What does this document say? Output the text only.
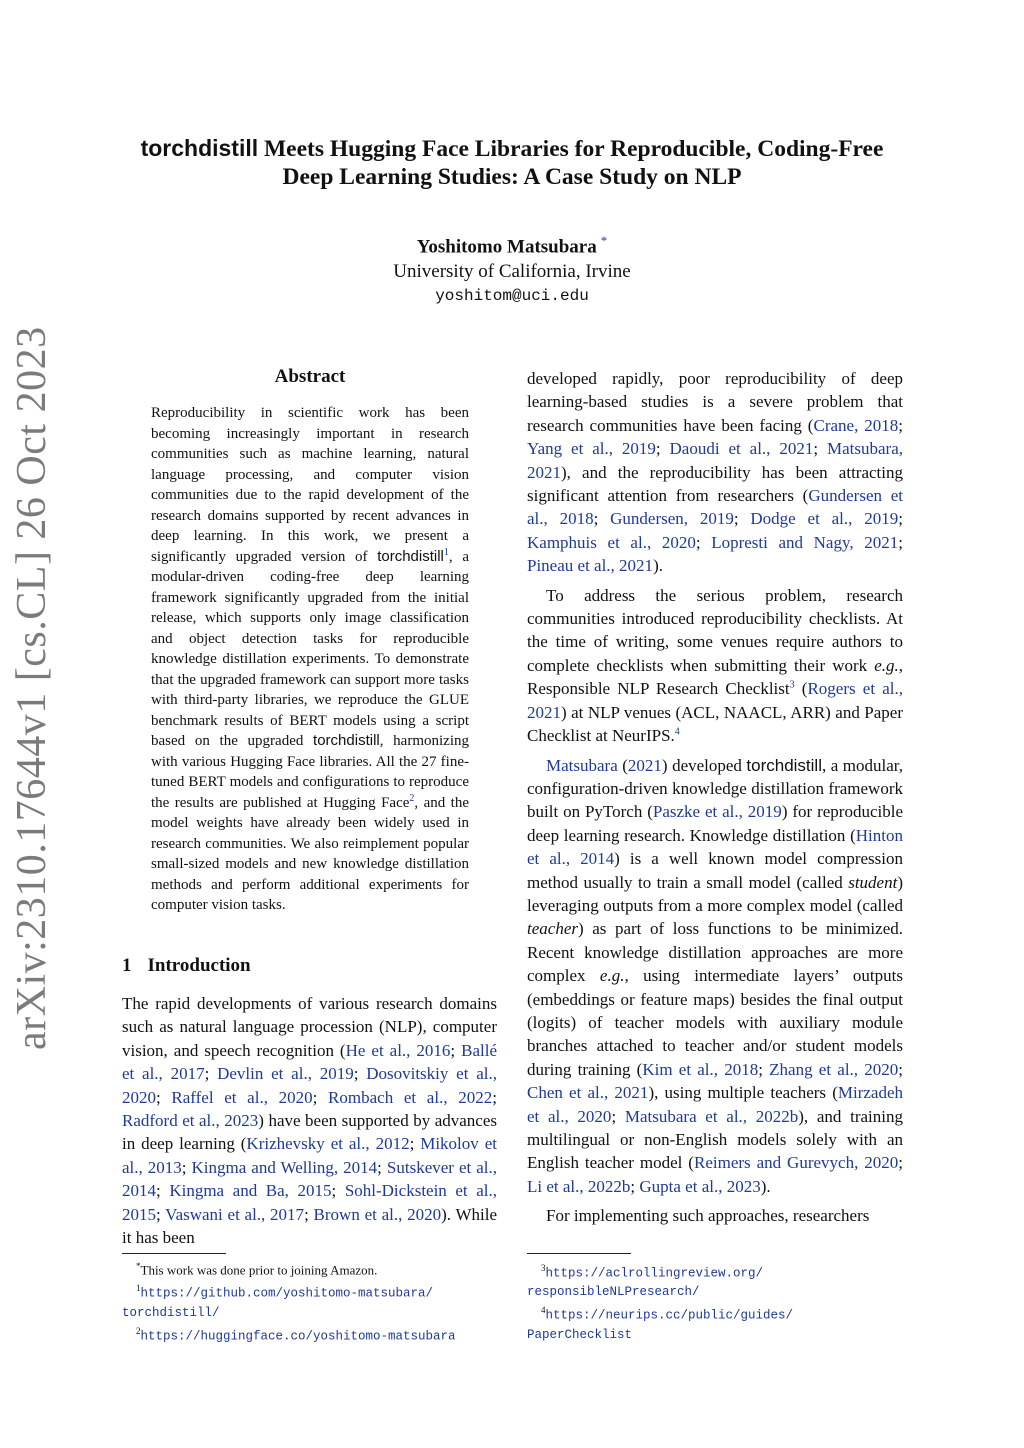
arXiv:2310.17644v1 [cs.CL] 26 Oct 2023
torchdistill Meets Hugging Face Libraries for Reproducible, Coding-Free
Deep Learning Studies: A Case Study on NLP
Yoshitomo Matsubara *
University of California, Irvine
yoshitom@uci.edu
Abstract
Reproducibility in scientific work has been becoming increasingly important in research communities such as machine learning, natural language processing, and computer vision communities due to the rapid development of the research domains supported by recent advances in deep learning. In this work, we present a significantly upgraded version of torchdistill$^1$, a modular-driven coding-free deep learning framework significantly upgraded from the initial release, which supports only image classification and object detection tasks for reproducible knowledge distillation experiments. To demonstrate that the upgraded framework can support more tasks with third-party libraries, we reproduce the GLUE benchmark results of BERT models using a script based on the upgraded torchdistill, harmonizing with various Hugging Face libraries. All the 27 fine-tuned BERT models and configurations to reproduce the results are published at Hugging Face$^2$, and the model weights have already been widely used in research communities. We also reimplement popular small-sized models and new knowledge distillation methods and perform additional experiments for computer vision tasks.
1 Introduction
The rapid developments of various research domains such as natural language procession (NLP), computer vision, and speech recognition (He et al., 2016; Ballé et al., 2017; Devlin et al., 2019; Dosovitskiy et al., 2020; Raffel et al., 2020; Rombach et al., 2022; Radford et al., 2023) have been supported by advances in deep learning (Krizhevsky et al., 2012; Mikolov et al., 2013; Kingma and Welling, 2014; Sutskever et al., 2014; Kingma and Ba, 2015; Sohl-Dickstein et al., 2015; Vaswani et al., 2017; Brown et al., 2020). While it has been

developed rapidly, poor reproducibility of deep learning-based studies is a severe problem that research communities have been facing (Crane, 2018; Yang et al., 2019; Daoudi et al., 2021; Matsubara, 2021), and the reproducibility has been attracting significant attention from researchers (Gundersen et al., 2018; Gundersen, 2019; Dodge et al., 2019; Kamphuis et al., 2020; Lopresti and Nagy, 2021; Pineau et al., 2021).

To address the serious problem, research communities introduced reproducibility checklists. At the time of writing, some venues require authors to complete checklists when submitting their work e.g., Responsible NLP Research Checklist$^3$ (Rogers et al., 2021) at NLP venues (ACL, NAACL, ARR) and Paper Checklist at NeurIPS.$^4$

Matsubara (2021) developed torchdistill, a modular, configuration-driven knowledge distillation framework built on PyTorch (Paszke et al., 2019) for reproducible deep learning research. Knowledge distillation (Hinton et al., 2014) is a well known model compression method usually to train a small model (called student) leveraging outputs from a more complex model (called teacher) as part of loss functions to be minimized. Recent knowledge distillation approaches are more complex e.g., using intermediate layers’ outputs (embeddings or feature maps) besides the final output (logits) of teacher models with auxiliary module branches attached to teacher and/or student models during training (Kim et al., 2018; Zhang et al., 2020; Chen et al., 2021), using multiple teachers (Mirzadeh et al., 2020; Matsubara et al., 2022b), and training multilingual or non-English models solely with an English teacher model (Reimers and Gurevych, 2020; Li et al., 2022b; Gupta et al., 2023).

For implementing such approaches, researchers

*This work was done prior to joining Amazon.
$^1$https://github.com/yoshitomo-matsubara/
torchdistill/
$^2$https://huggingface.co/yoshitomo-matsubara
$^3$https://aclrollingreview.org/
responsibleNLPresearch/
$^4$https://neurips.cc/public/guides/
PaperChecklist
